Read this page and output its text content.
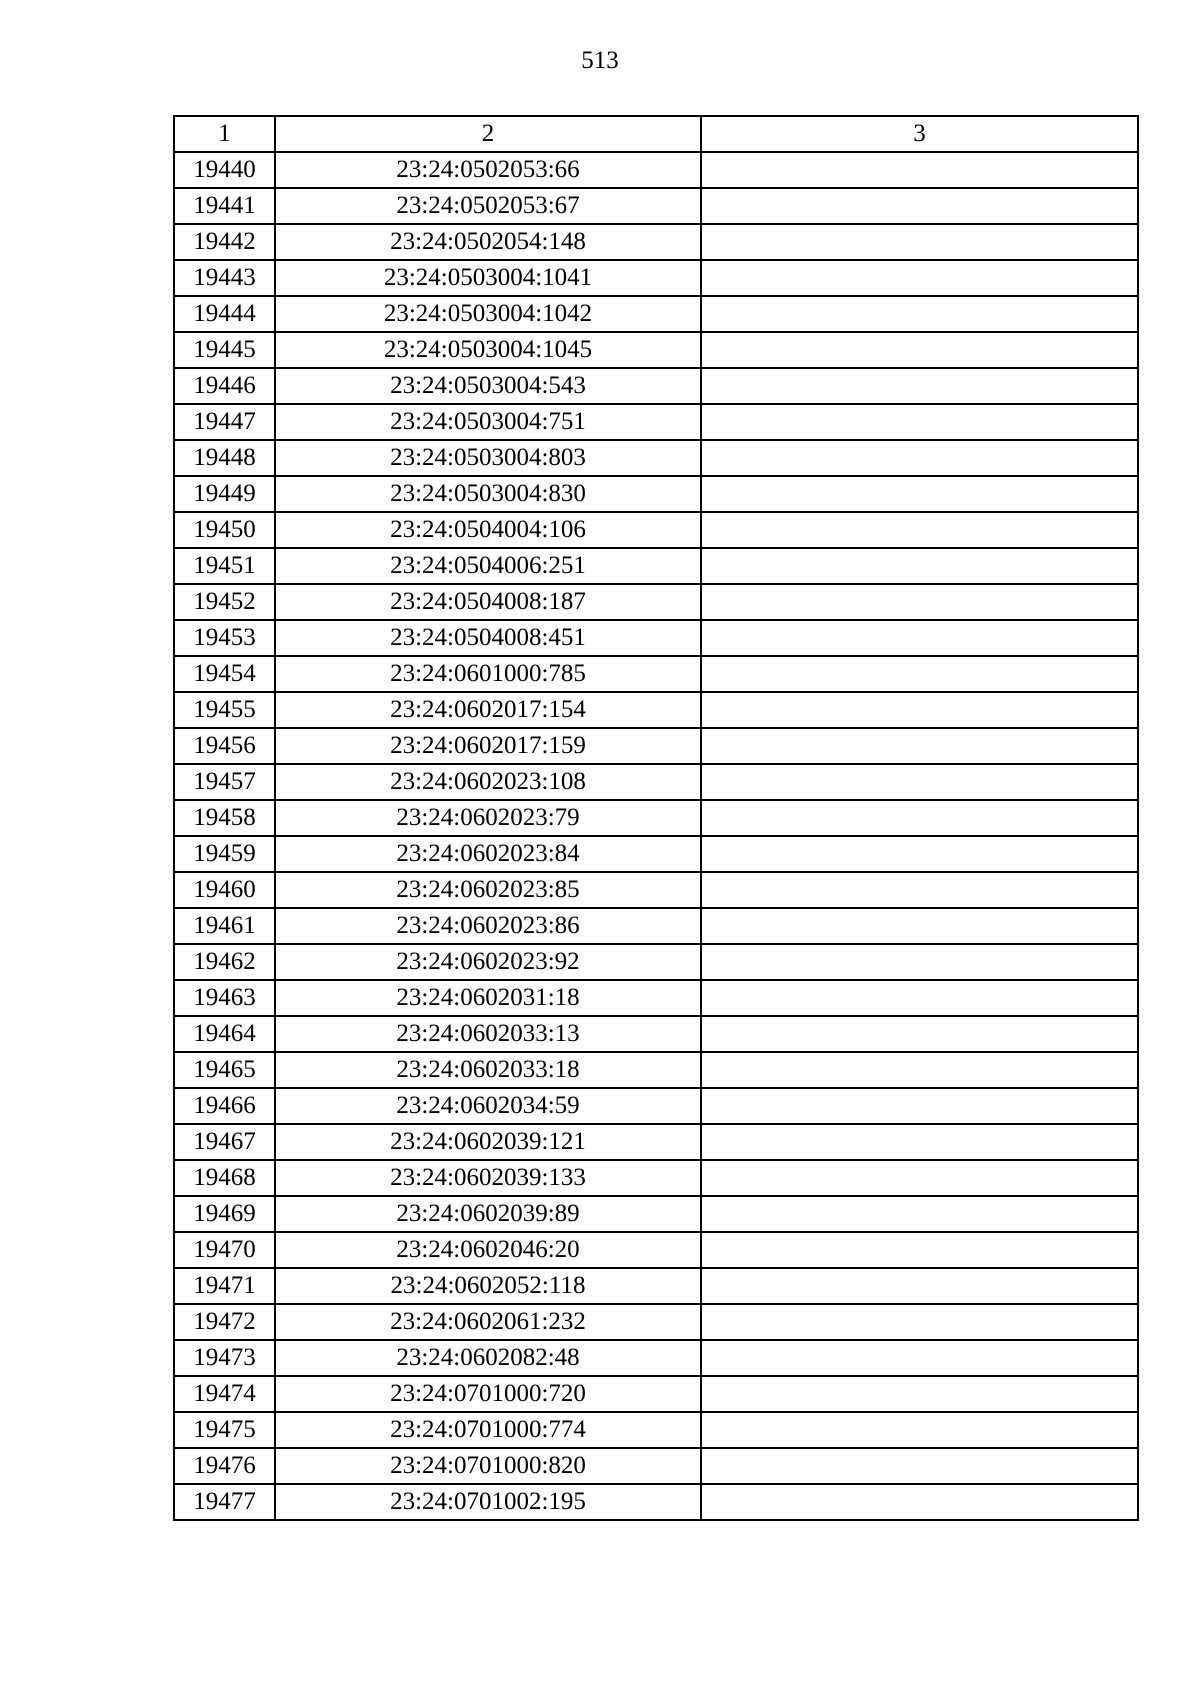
513
1	2	3
19440	23:24:0502053:66	
19441	23:24:0502053:67	
19442	23:24:0502054:148	
19443	23:24:0503004:1041	
19444	23:24:0503004:1042	
19445	23:24:0503004:1045	
19446	23:24:0503004:543	
19447	23:24:0503004:751	
19448	23:24:0503004:803	
19449	23:24:0503004:830	
19450	23:24:0504004:106	
19451	23:24:0504006:251	
19452	23:24:0504008:187	
19453	23:24:0504008:451	
19454	23:24:0601000:785	
19455	23:24:0602017:154	
19456	23:24:0602017:159	
19457	23:24:0602023:108	
19458	23:24:0602023:79	
19459	23:24:0602023:84	
19460	23:24:0602023:85	
19461	23:24:0602023:86	
19462	23:24:0602023:92	
19463	23:24:0602031:18	
19464	23:24:0602033:13	
19465	23:24:0602033:18	
19466	23:24:0602034:59	
19467	23:24:0602039:121	
19468	23:24:0602039:133	
19469	23:24:0602039:89	
19470	23:24:0602046:20	
19471	23:24:0602052:118	
19472	23:24:0602061:232	
19473	23:24:0602082:48	
19474	23:24:0701000:720	
19475	23:24:0701000:774	
19476	23:24:0701000:820	
19477	23:24:0701002:195	
